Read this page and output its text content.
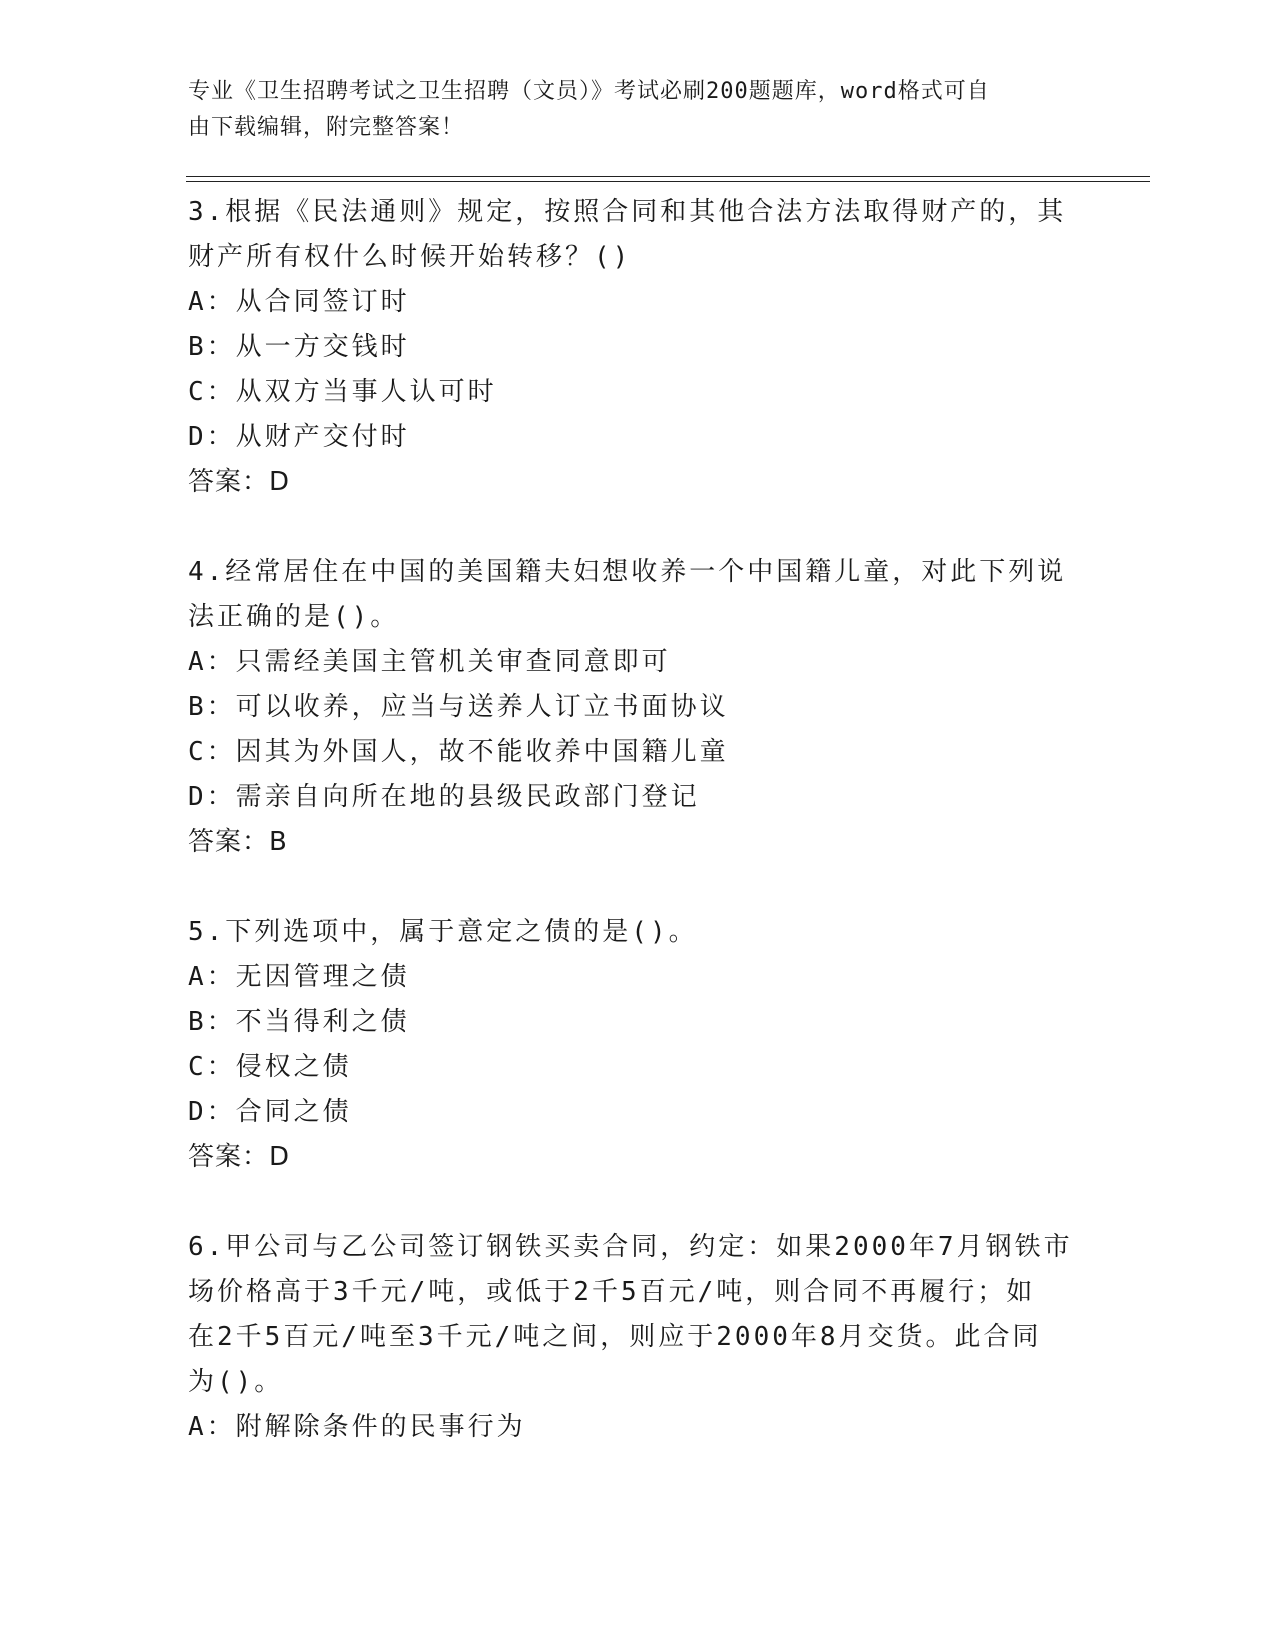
专业《卫生招聘考试之卫生招聘（文员）》考试必刷200题题库，word格式可自
由下载编辑，附完整答案！
3.根据《民法通则》规定，按照合同和其他合法方法取得财产的，其
财产所有权什么时候开始转移？()
A：从合同签订时
B：从一方交钱时
C：从双方当事人认可时
D：从财产交付时
答案：D
4.经常居住在中国的美国籍夫妇想收养一个中国籍儿童，对此下列说
法正确的是()。
A：只需经美国主管机关审查同意即可
B：可以收养，应当与送养人订立书面协议
C：因其为外国人，故不能收养中国籍儿童
D：需亲自向所在地的县级民政部门登记
答案：B
5.下列选项中，属于意定之债的是()。
A：无因管理之债
B：不当得利之债
C：侵权之债
D：合同之债
答案：D
6.甲公司与乙公司签订钢铁买卖合同，约定：如果2000年7月钢铁市
场价格高于3千元/吨，或低于2千5百元/吨，则合同不再履行；如
在2千5百元/吨至3千元/吨之间，则应于2000年8月交货。此合同
为()。
A：附解除条件的民事行为
